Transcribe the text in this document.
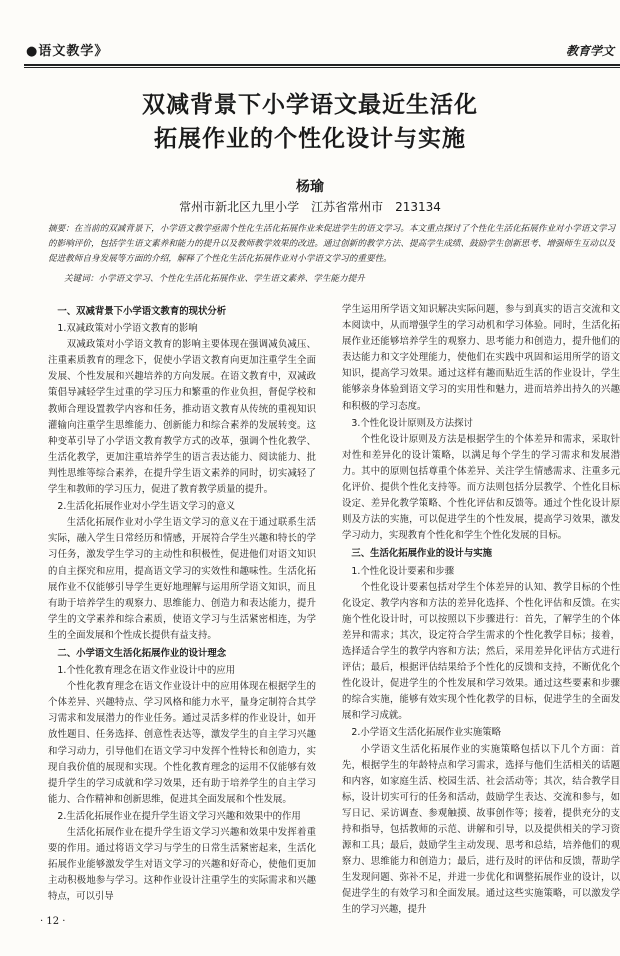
●语文教学》	教育学文
双减背景下小学语文最近生活化
拓展作业的个性化设计与实施
杨瑜
常州市新北区九里小学　江苏省常州市　213134
摘要：在当前的双减背景下，小学语文教学亟需个性化生活化拓展作业来促进学生的语文学习。本文重点探讨了个性化生活化拓展作业对小学语文学习的影响评价，包括学生语文素养和能力的提升以及教师教学效果的改进。通过创新的教学方法、提高学生成绩、鼓励学生创新思考、增强师生互动以及促进教师自身发展等方面的介绍，解释了个性化生活化拓展作业对小学语文学习的重要性。
关键词：小学语文学习、个性化生活化拓展作业、学生语文素养、学生能力提升

一、双减背景下小学语文教育的现状分析

1.双减政策对小学语文教育的影响

双减政策对小学语文教育的影响主要体现在强调减负减压、注重素质教育的理念下，促使小学语文教育向更加注重学生全面发展、个性发展和兴趣培养的方向发展。在语文教育中，双减政策倡导减轻学生过重的学习压力和繁重的作业负担，督促学校和教师合理设置教学内容和任务，推动语文教育从传统的重视知识灌输向注重学生思维能力、创新能力和综合素养的发展转变。这种变革引导了小学语文教育教学方式的改革，强调个性化教学、生活化教学，更加注重培养学生的语言表达能力、阅读能力、批判性思维等综合素养，在提升学生语文素养的同时，切实减轻了学生和教师的学习压力，促进了教育教学质量的提升。

2.生活化拓展作业对小学生语文学习的意义

生活化拓展作业对小学生语文学习的意义在于通过联系生活实际，融入学生日常经历和情感，开展符合学生兴趣和特长的学习任务，激发学生学习的主动性和积极性，促进他们对语文知识的自主探究和应用，提高语文学习的实效性和趣味性。生活化拓展作业不仅能够引导学生更好地理解与运用所学语文知识，而且有助于培养学生的观察力、思维能力、创造力和表达能力，提升学生的文学素养和综合素质，使语文学习与生活紧密相连，为学生的全面发展和个性成长提供有益支持。

二、小学语文生活化拓展作业的设计理念

1.个性化教育理念在语文作业设计中的应用

个性化教育理念在语文作业设计中的应用体现在根据学生的个体差异、兴趣特点、学习风格和能力水平，量身定制符合其学习需求和发展潜力的作业任务。通过灵活多样的作业设计，如开放性题目、任务选择、创意性表达等，激发学生的自主学习兴趣和学习动力，引导他们在语文学习中发挥个性特长和创造力，实现自我价值的展现和实现。个性化教育理念的运用不仅能够有效提升学生的学习成就和学习效果，还有助于培养学生的自主学习能力、合作精神和创新思维，促进其全面发展和个性发展。

2.生活化拓展作业在提升学生语文学习兴趣和效果中的作用

生活化拓展作业在提升学生语文学习兴趣和效果中发挥着重要的作用。通过将语文学习与学生的日常生活紧密起来，生活化拓展作业能够激发学生对语文学习的兴趣和好奇心，使他们更加主动积极地参与学习。这种作业设计注重学生的实际需求和兴趣特点，可以引导

学生运用所学语文知识解决实际问题，参与到真实的语言交流和文本阅读中，从而增强学生的学习动机和学习体验。同时，生活化拓展作业还能够培养学生的观察力、思考能力和创造力，提升他们的表达能力和文字处理能力，使他们在实践中巩固和运用所学的语文知识，提高学习效果。通过这样有趣而贴近生活的作业设计，学生能够亲身体验到语文学习的实用性和魅力，进而培养出持久的兴趣和积极的学习态度。

3.个性化设计原则及方法探讨

个性化设计原则及方法是根据学生的个体差异和需求，采取针对性和差异化的设计策略，以满足每个学生的学习需求和发展潜力。其中的原则包括尊重个体差异、关注学生情感需求、注重多元化评价、提供个性化支持等。而方法则包括分层教学、个性化目标设定、差异化教学策略、个性化评估和反馈等。通过个性化设计原则及方法的实施，可以促进学生的个性发展，提高学习效果，激发学习动力，实现教育个性化和学生个性化发展的目标。

三、生活化拓展作业的设计与实施

1.个性化设计要素和步骤

个性化设计要素包括对学生个体差异的认知、教学目标的个性化设定、教学内容和方法的差异化选择、个性化评估和反馈。在实施个性化设计时，可以按照以下步骤进行：首先，了解学生的个体差异和需求；其次，设定符合学生需求的个性化教学目标；接着，选择适合学生的教学内容和方法；然后，采用差异化评估方式进行评估；最后，根据评估结果给予个性化的反馈和支持，不断优化个性化设计，促进学生的个性发展和学习效果。通过这些要素和步骤的综合实施，能够有效实现个性化教学的目标，促进学生的全面发展和学习成就。

2.小学语文生活化拓展作业实施策略

小学语文生活化拓展作业的实施策略包括以下几个方面：首先，根据学生的年龄特点和学习需求，选择与他们生活相关的话题和内容，如家庭生活、校园生活、社会活动等；其次，结合教学目标，设计切实可行的任务和活动，鼓励学生表达、交流和参与，如写日记、采访调查、参观触摸、故事创作等；接着，提供充分的支持和指导，包括教师的示范、讲解和引导，以及提供相关的学习资源和工具；最后，鼓励学生主动发现、思考和总结，培养他们的观察力、思维能力和创造力；最后，进行及时的评估和反馈，帮助学生发现问题、弥补不足，并进一步优化和调整拓展作业的设计，以促进学生的有效学习和全面发展。通过这些实施策略，可以激发学生的学习兴趣，提升

· 12 ·
